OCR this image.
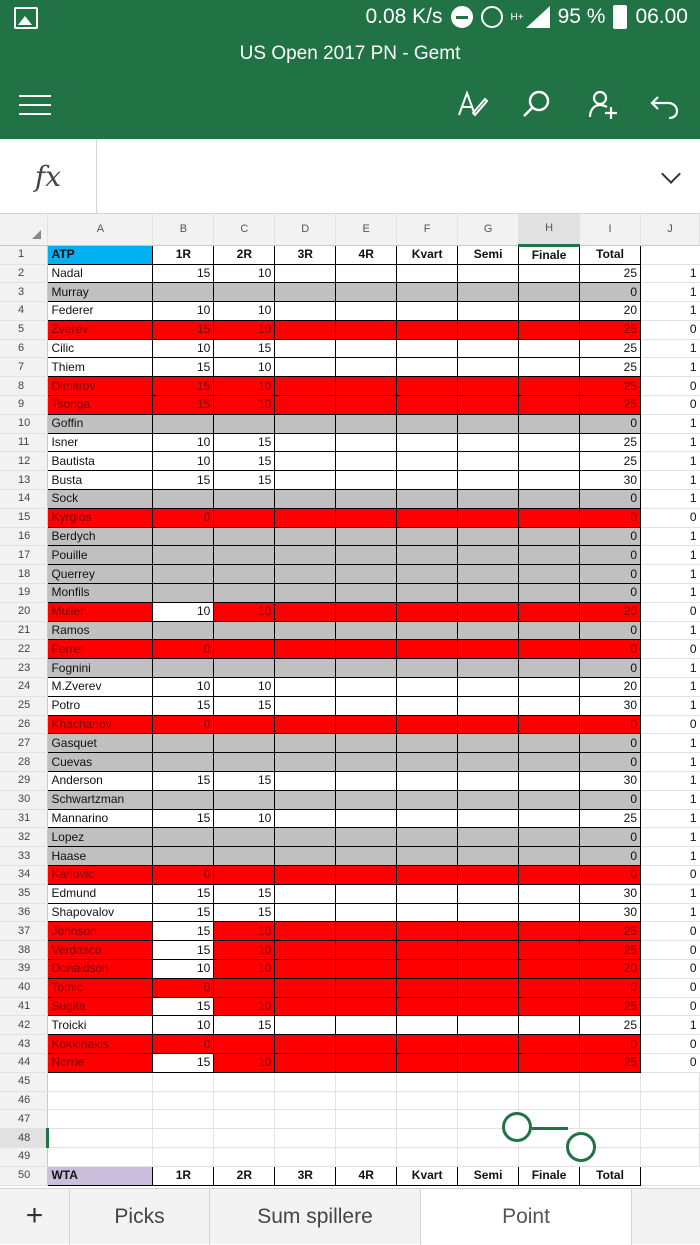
0.08 K/s	H+ 95 % 06.00
US Open 2017 PN - Gemt
fx
	A	B	C	D	E	F	G	H	I	J
1	ATP	1R	2R	3R	4R	Kvart	Semi	Finale	Total	
2	Nadal	15	10						25	1
3	Murray								0	1
4	Federer	10	10						20	1
5	Zverev	15	10						25	0
6	Cilic	10	15						25	1
7	Thiem	15	10						25	1
8	Dimitrov	15	10						25	0
9	Tsonga	15	10						25	0
10	Goffin								0	1
11	Isner	10	15						25	1
12	Bautista	10	15						25	1
13	Busta	15	15						30	1
14	Sock								0	1
15	Kyrgios	0							0	0
16	Berdych								0	1
17	Pouille								0	1
18	Querrey								0	1
19	Monfils								0	1
20	Muller	10	10						20	0
21	Ramos								0	1
22	Ferrer	0							0	0
23	Fognini								0	1
24	M.Zverev	10	10						20	1
25	Potro	15	15						30	1
26	Khachanov	0							0	0
27	Gasquet								0	1
28	Cuevas								0	1
29	Anderson	15	15						30	1
30	Schwartzman								0	1
31	Mannarino	15	10						25	1
32	Lopez								0	1
33	Haase								0	1
34	Karlovic	0							0	0
35	Edmund	15	15						30	1
36	Shapovalov	15	15						30	1
37	Johnson	15	10						25	0
38	Verdasco	15	10						25	0
39	Donaldson	10	10						20	0
40	Tomic	0							0	0
41	Sugita	15	10						25	0
42	Troicki	10	15						25	1
43	Kokkinakis	0							0	0
44	Norrie	15	10						25	0
45										
46										
47										
48										
49										
50	WTA	1R	2R	3R	4R	Kvart	Semi	Finale	Total	
+	Picks	Sum spillere	Point
